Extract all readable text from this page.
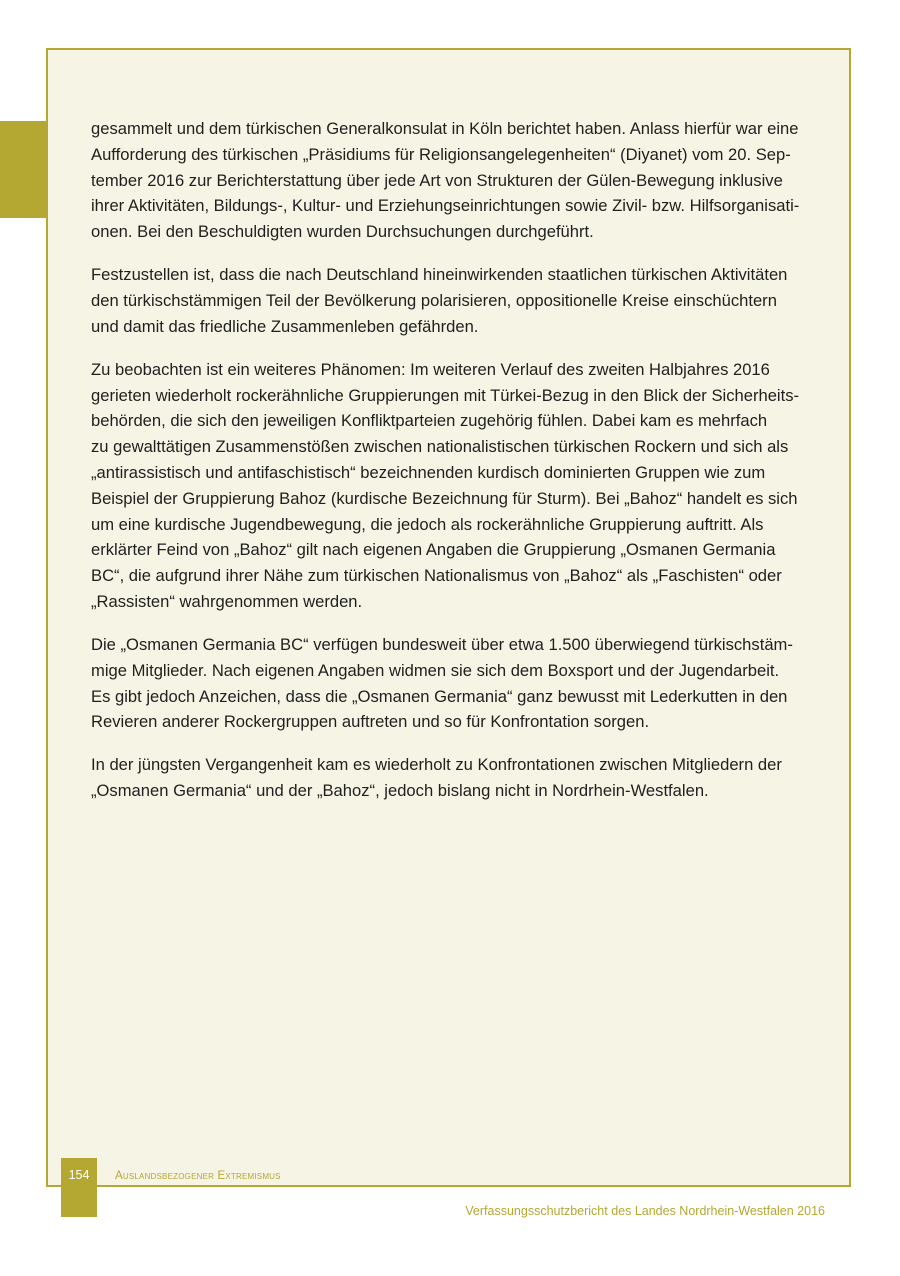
gesammelt und dem türkischen Generalkonsulat in Köln berichtet haben. Anlass hierfür war eine
Aufforderung des türkischen „Präsidiums für Religionsangelegenheiten“ (Diyanet) vom 20. Sep-
tember 2016 zur Berichterstattung über jede Art von Strukturen der Gülen-Bewegung inklusive
ihrer Aktivitäten, Bildungs-, Kultur- und Erziehungseinrichtungen sowie Zivil- bzw. Hilfsorganisati-
onen. Bei den Beschuldigten wurden Durchsuchungen durchgeführt.

Festzustellen ist, dass die nach Deutschland hineinwirkenden staatlichen türkischen Aktivitäten
den türkischstämmigen Teil der Bevölkerung polarisieren, oppositionelle Kreise einschüchtern
und damit das friedliche Zusammenleben gefährden.

Zu beobachten ist ein weiteres Phänomen: Im weiteren Verlauf des zweiten Halbjahres 2016
gerieten wiederholt rockerähnliche Gruppierungen mit Türkei-Bezug in den Blick der Sicherheits-
behörden, die sich den jeweiligen Konfliktparteien zugehörig fühlen. Dabei kam es mehrfach
zu gewalttätigen Zusammenstößen zwischen nationalistischen türkischen Rockern und sich als
„antirassistisch und antifaschistisch“ bezeichnenden kurdisch dominierten Gruppen wie zum
Beispiel der Gruppierung Bahoz (kurdische Bezeichnung für Sturm). Bei „Bahoz“ handelt es sich
um eine kurdische Jugendbewegung, die jedoch als rockerähnliche Gruppierung auftritt. Als
erklärter Feind von „Bahoz“ gilt nach eigenen Angaben die Gruppierung „Osmanen Germania
BC“, die aufgrund ihrer Nähe zum türkischen Nationalismus von „Bahoz“ als „Faschisten“ oder
„Rassisten“ wahrgenommen werden.

Die „Osmanen Germania BC“ verfügen bundesweit über etwa 1.500 überwiegend türkischstäm-
mige Mitglieder. Nach eigenen Angaben widmen sie sich dem Boxsport und der Jugendarbeit.
Es gibt jedoch Anzeichen, dass die „Osmanen Germania“ ganz bewusst mit Lederkutten in den
Revieren anderer Rockergruppen auftreten und so für Konfrontation sorgen.

In der jüngsten Vergangenheit kam es wiederholt zu Konfrontationen zwischen Mitgliedern der
„Osmanen Germania“ und der „Bahoz“, jedoch bislang nicht in Nordrhein-Westfalen.

154	Auslandsbezogener Extremismus
Verfassungsschutzbericht des Landes Nordrhein-Westfalen 2016
